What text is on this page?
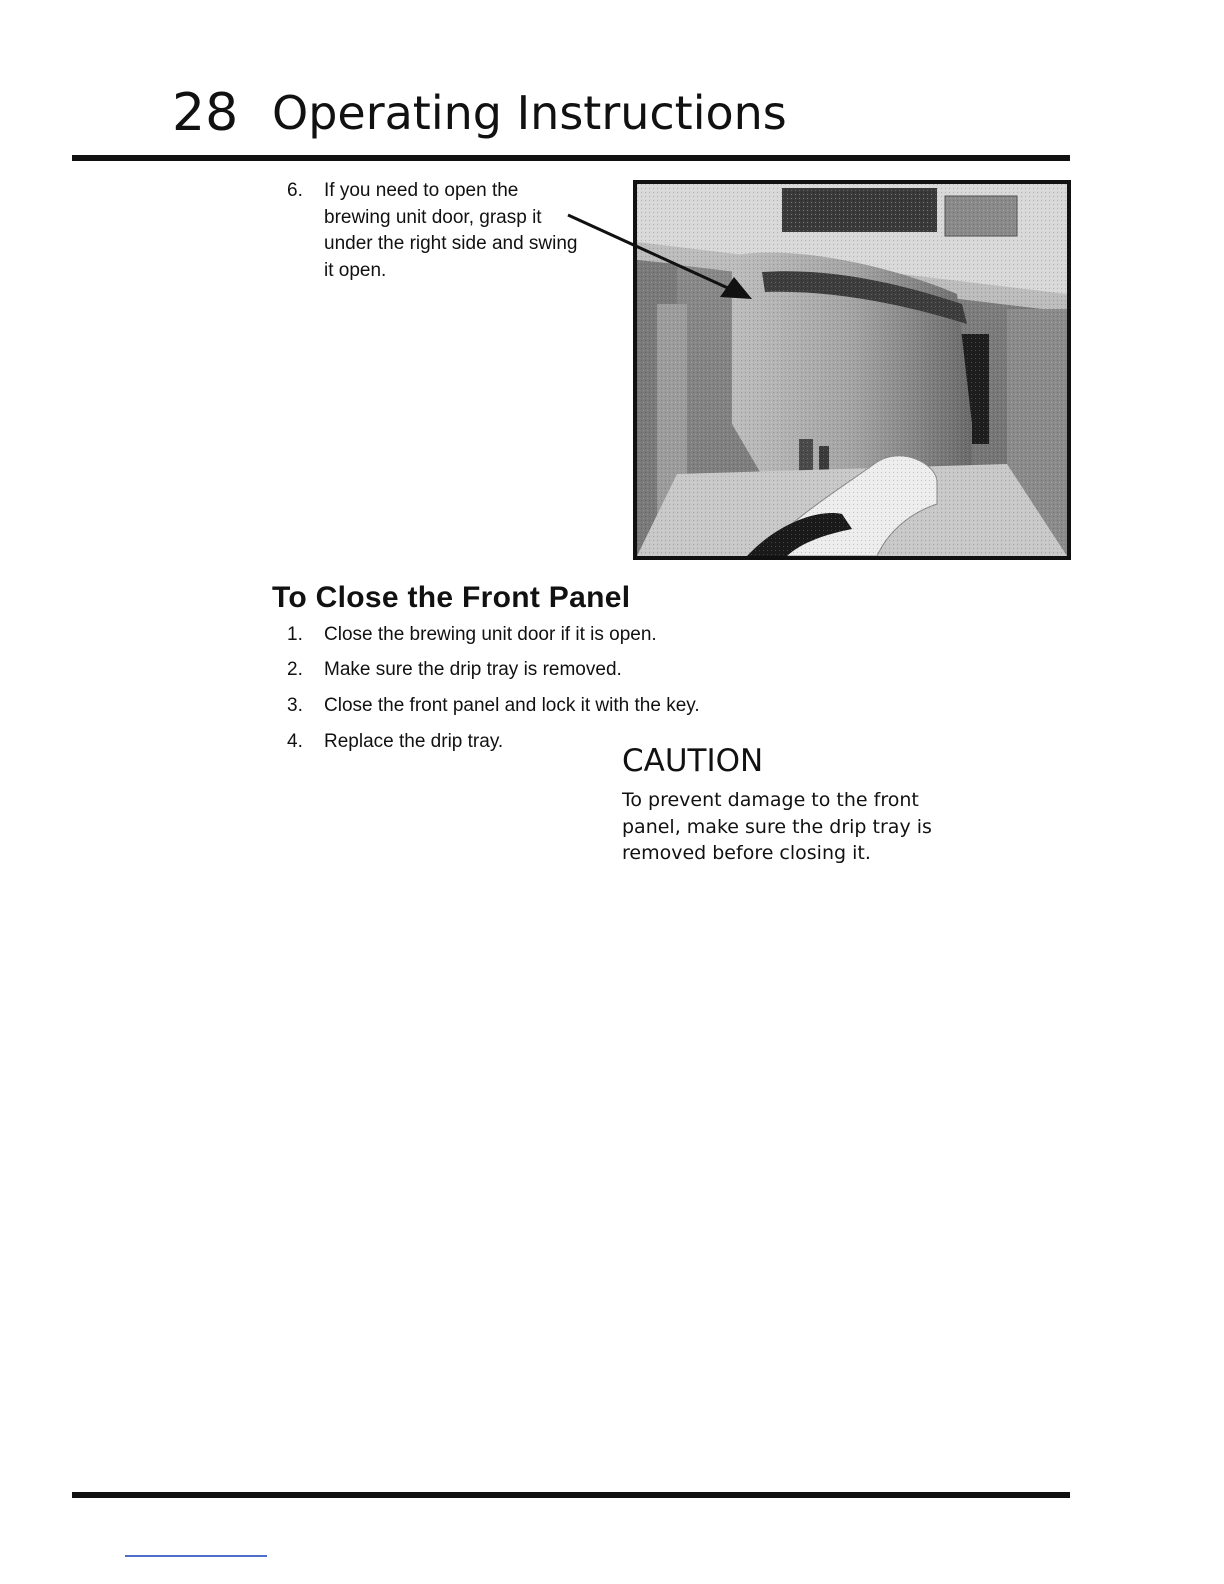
28 Operating Instructions
6. If you need to open the brewing unit door, grasp it under the right side and swing it open.
To Close the Front Panel
1. Close the brewing unit door if it is open.
2. Make sure the drip tray is removed.
3. Close the front panel and lock it with the key.
4. Replace the drip tray.
CAUTION
To prevent damage to the front panel, make sure the drip tray is removed before closing it.
